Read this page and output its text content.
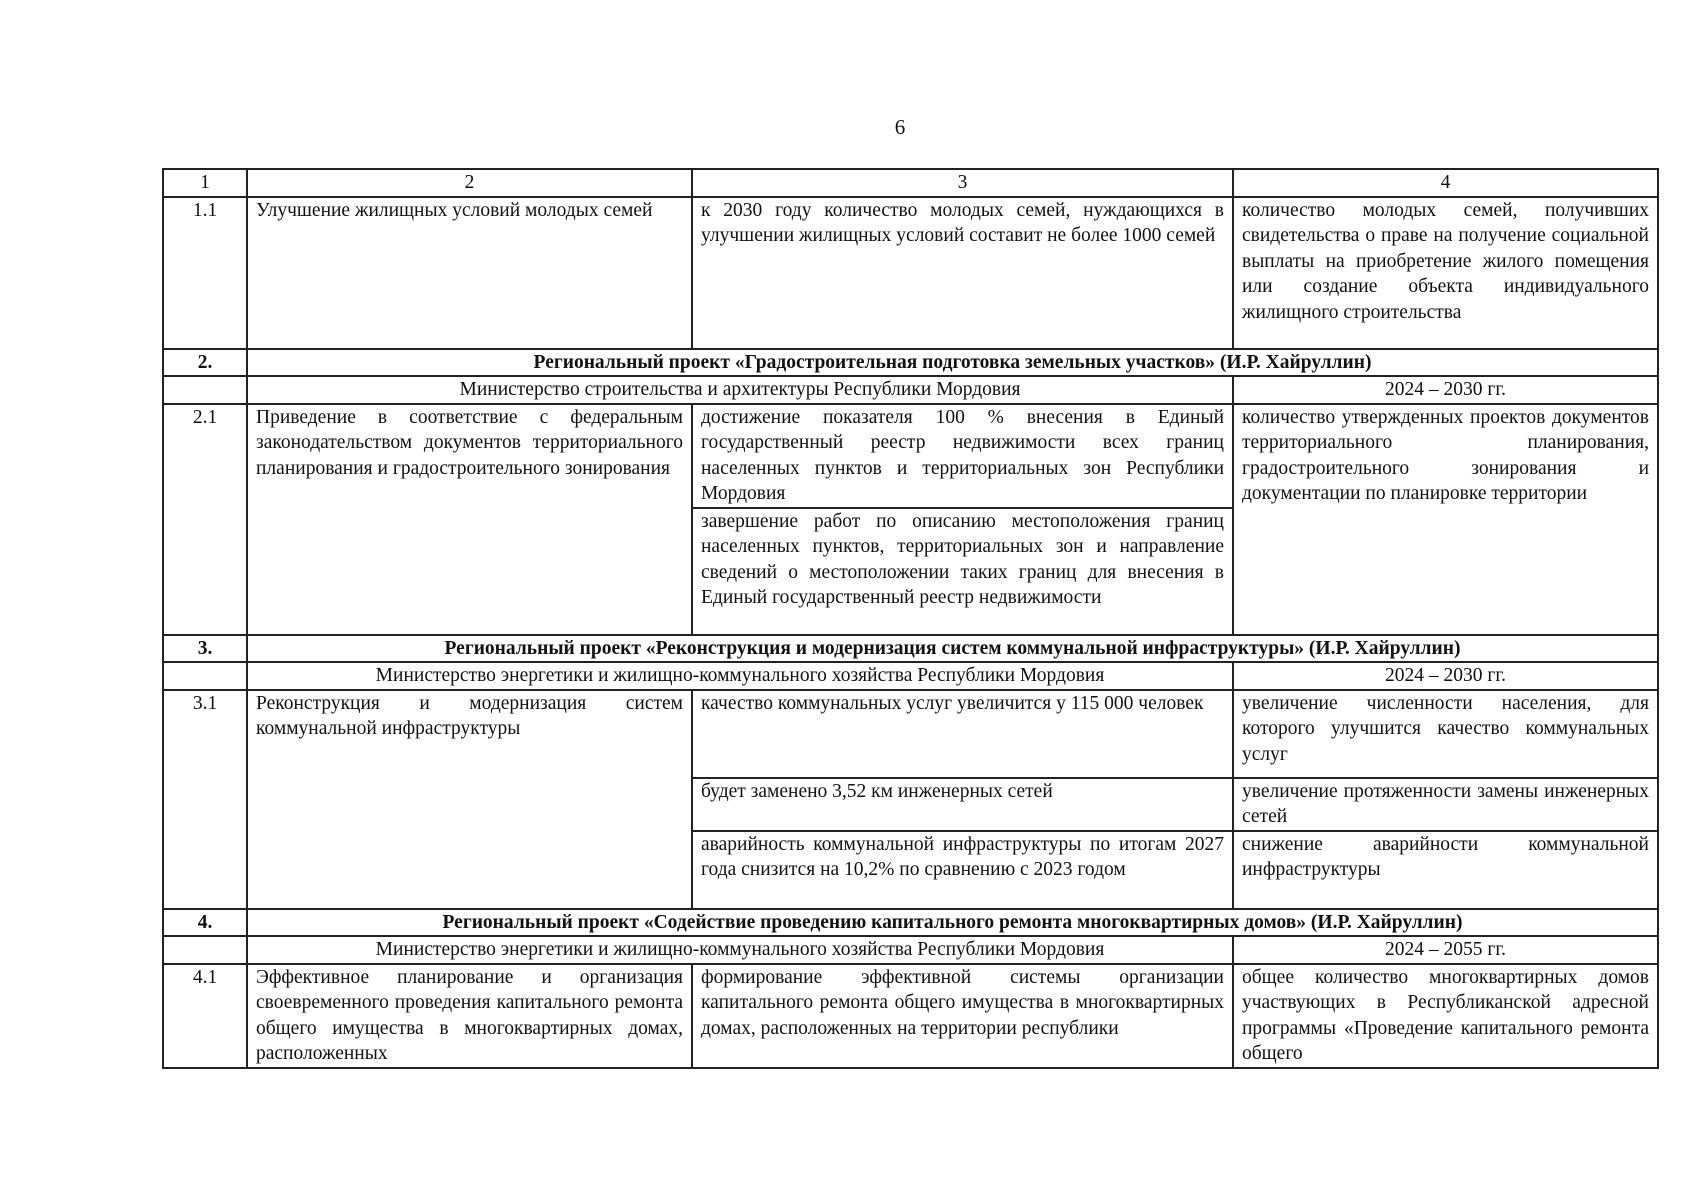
6
1	2	3	4
1.1	Улучшение жилищных условий молодых семей	к 2030 году количество молодых семей, нуждающихся в улучшении жилищных условий составит не более 1000 семей	количество молодых семей, получивших свидетельства о праве на получение социальной выплаты на приобретение жилого помещения или создание объекта индивидуального жилищного строительства
2.	Региональный проект «Градостроительная подготовка земельных участков» (И.Р. Хайруллин)		
	Министерство строительства и архитектуры Республики Мордовия		2024 – 2030 гг.
2.1	Приведение в соответствие с федеральным законодательством документов территориального планирования и градостроительного зонирования	достижение показателя 100 % внесения в Единый государственный реестр недвижимости всех границ населенных пунктов и территориальных зон Республики Мордовия	количество утвержденных проектов документов территориального планирования, градостроительного зонирования и документации по планировке территории
		завершение работ по описанию местоположения границ населенных пунктов, территориальных зон и направление сведений о местоположении таких границ для внесения в Единый государственный реестр недвижимости	
3.	Региональный проект «Реконструкция и модернизация систем коммунальной инфраструктуры» (И.Р. Хайруллин)		
	Министерство энергетики и жилищно-коммунального хозяйства Республики Мордовия		2024 – 2030 гг.
3.1	Реконструкция и модернизация систем коммунальной инфраструктуры	качество коммунальных услуг увеличится у 115 000 человек	увеличение численности населения, для которого улучшится качество коммунальных услуг
		будет заменено 3,52 км инженерных сетей	увеличение протяженности замены инженерных сетей
		аварийность коммунальной инфраструктуры по итогам 2027 года снизится на 10,2% по сравнению с 2023 годом	снижение аварийности коммунальной инфраструктуры
4.	Региональный проект «Содействие проведению капитального ремонта многоквартирных домов» (И.Р. Хайруллин)		
	Министерство энергетики и жилищно-коммунального хозяйства Республики Мордовия		2024 – 2055 гг.
4.1	Эффективное планирование и организация своевременного проведения капитального ремонта общего имущества в многоквартирных домах, расположенных	формирование эффективной системы организации капитального ремонта общего имущества в многоквартирных домах, расположенных на территории республики	общее количество многоквартирных домов участвующих в Республиканской адресной программы «Проведение капитального ремонта общего
